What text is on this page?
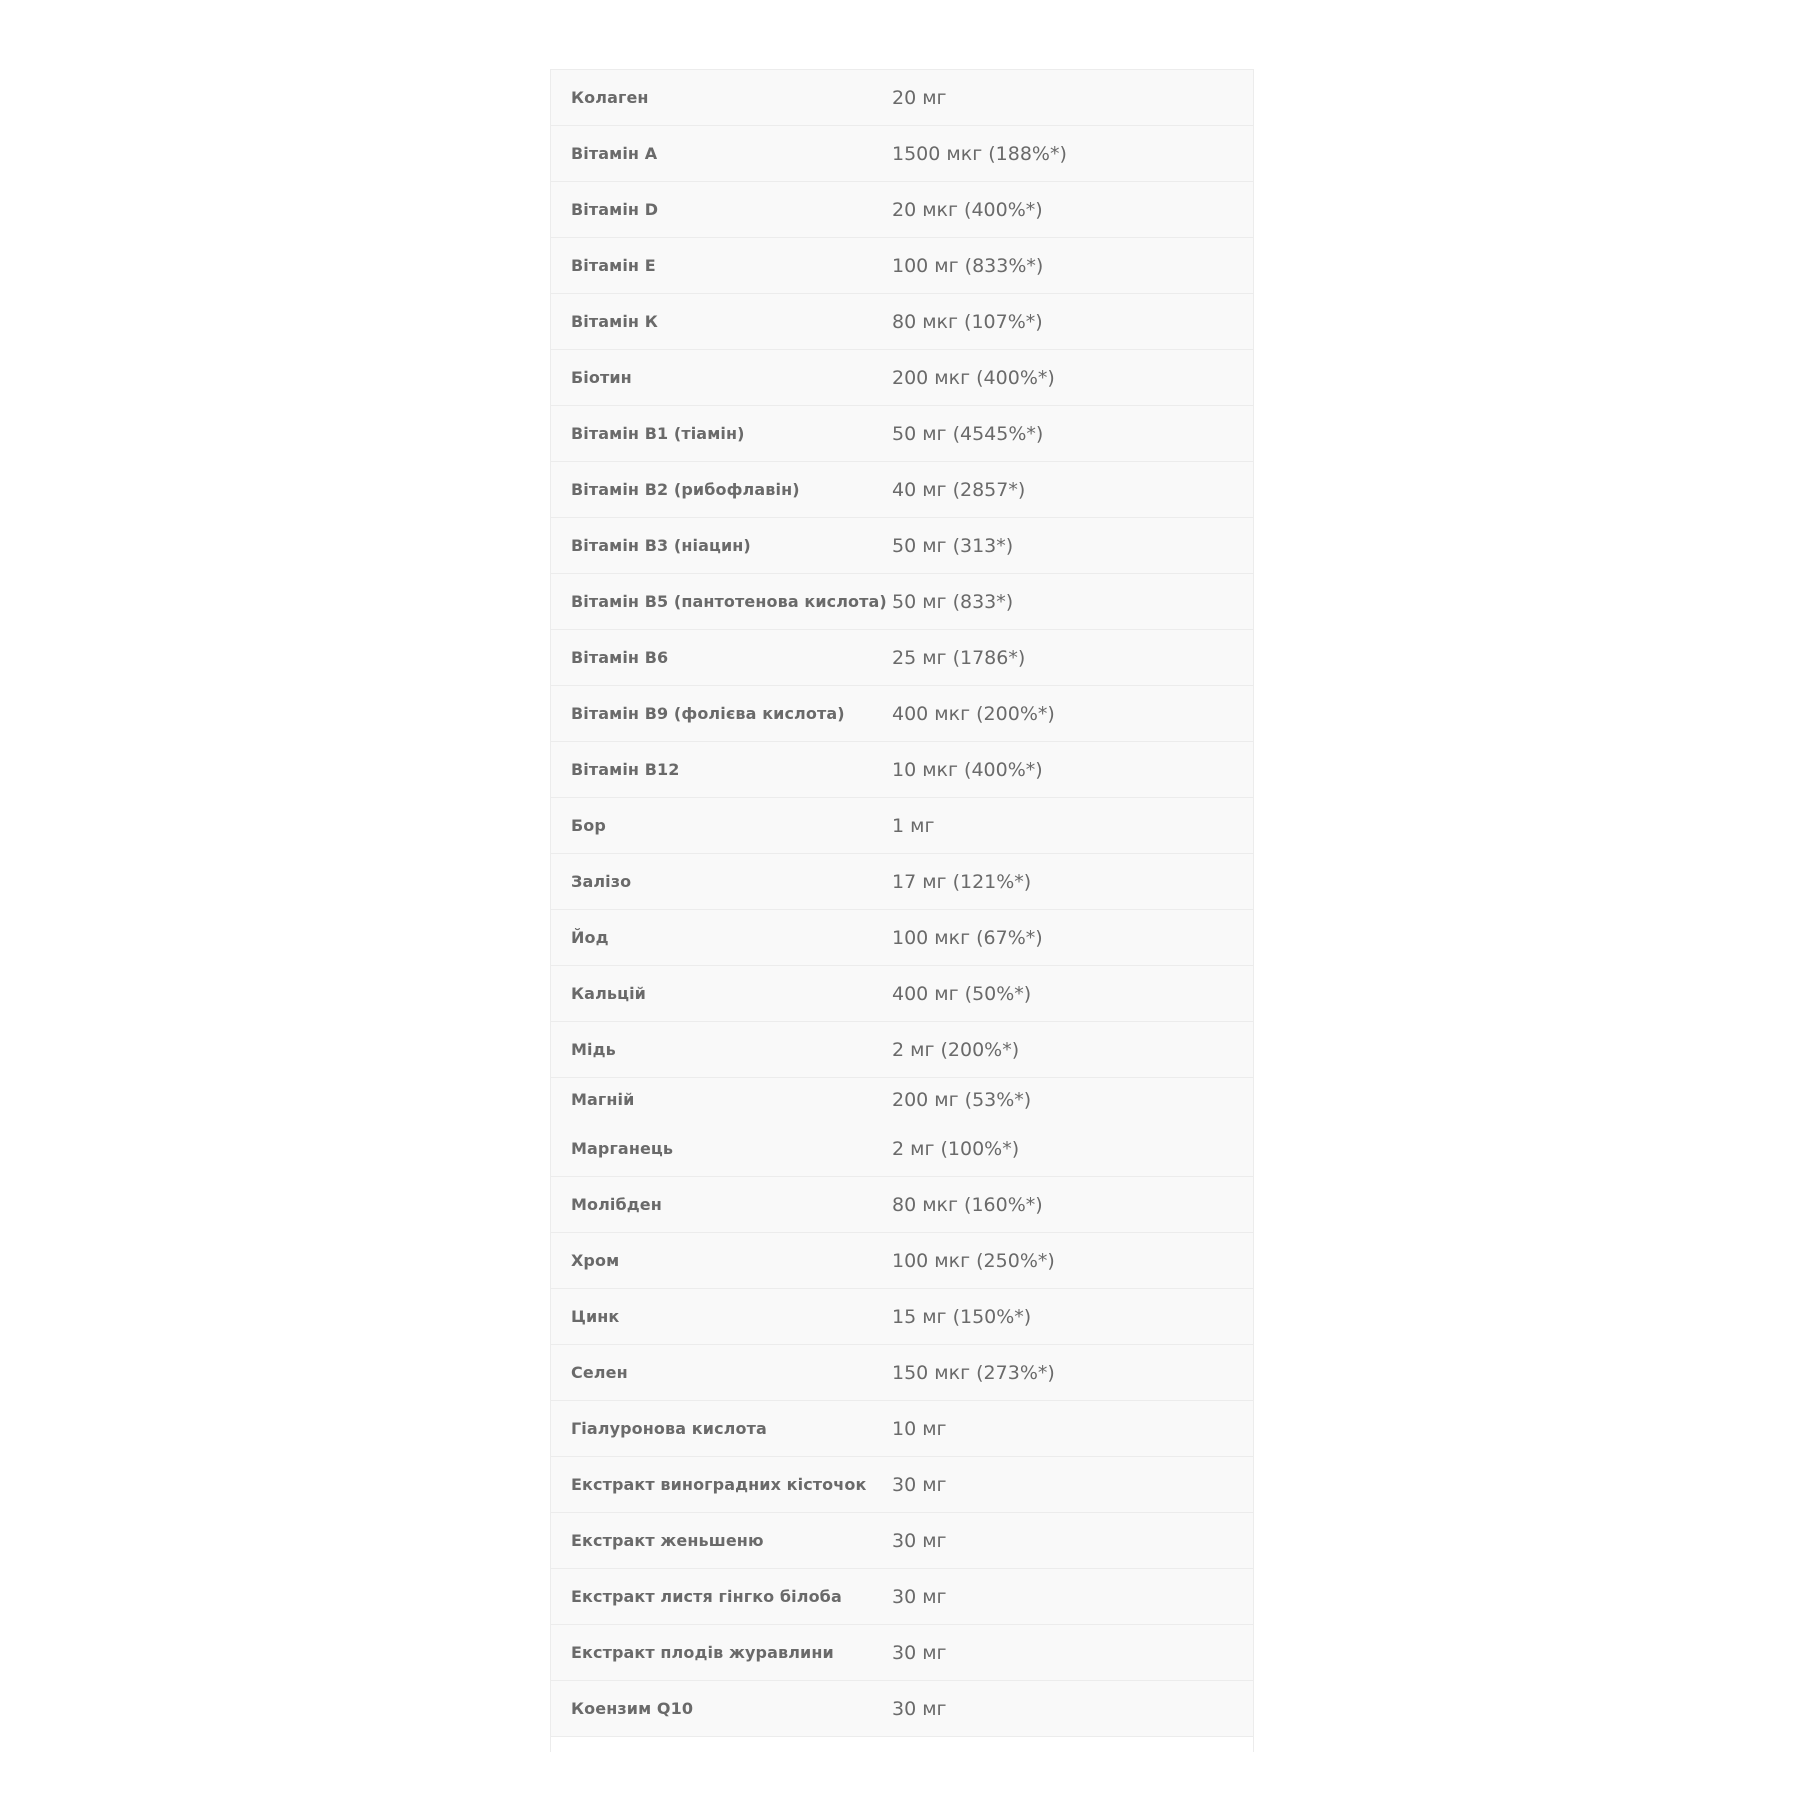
Колаген	20 мг
Вітамін А	1500 мкг (188%*)
Вітамін D	20 мкг (400%*)
Вітамін Е	100 мг (833%*)
Вітамін К	80 мкг (107%*)
Біотин	200 мкг (400%*)
Вітамін В1 (тіамін)	50 мг (4545%*)
Вітамін В2 (рибофлавін)	40 мг (2857*)
Вітамін В3 (ніацин)	50 мг (313*)
Вітамін В5 (пантотенова кислота) 50 мг (833*)
Вітамін В6	25 мг (1786*)
Вітамін В9 (фолієва кислота)	400 мкг (200%*)
Вітамін В12	10 мкг (400%*)
Бор	1 мг
Залізо	17 мг (121%*)
Йод	100 мкг (67%*)
Кальцій	400 мг (50%*)
Мідь	2 мг (200%*)
Магній	200 мг (53%*)
Марганець	2 мг (100%*)
Молібден	80 мкг (160%*)
Хром	100 мкг (250%*)
Цинк	15 мг (150%*)
Селен	150 мкг (273%*)
Гіалуронова кислота	10 мг
Екстракт виноградних кісточок	30 мг
Екстракт женьшеню	30 мг
Екстракт листя гінгко білоба	30 мг
Екстракт плодів журавлини	30 мг
Коензим Q10	30 мг
